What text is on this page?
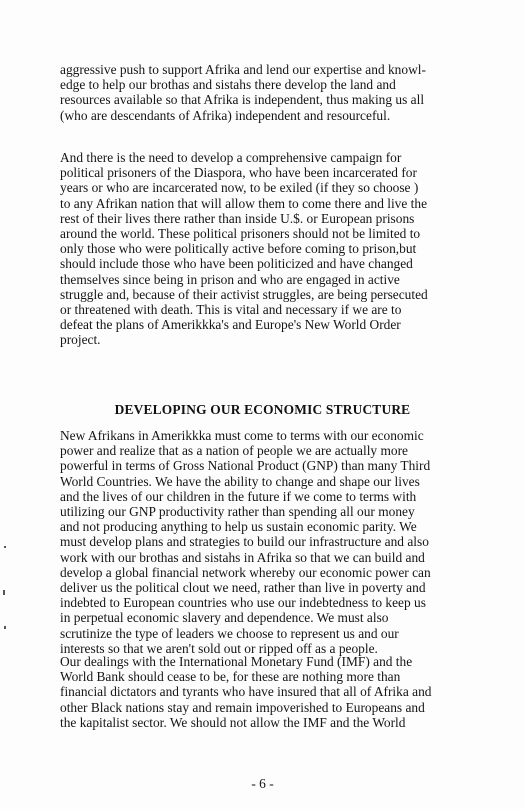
aggressive push to support Afrika and lend our expertise and knowl-
edge to help our brothas and sistahs there develop the land and
resources available so that Afrika is independent, thus making us all
(who are descendants of Afrika) independent and resourceful.
And there is the need to develop a comprehensive campaign for
political prisoners of the Diaspora, who have been incarcerated for
years or who are incarcerated now, to be exiled (if they so choose )
to any Afrikan nation that will allow them to come there and live the
rest of their lives there rather than inside U.$. or European prisons
around the world. These political prisoners should not be limited to
only those who were politically active before coming to prison,but
should include those who have been politicized and have changed
themselves since being in prison and who are engaged in active
struggle and, because of their activist struggles, are being persecuted
or threatened with death. This is vital and necessary if we are to
defeat the plans of Amerikkka's and Europe's New World Order
project.
DEVELOPING OUR ECONOMIC STRUCTURE
New Afrikans in Amerikkka must come to terms with our economic
power and realize that as a nation of people we are actually more
powerful in terms of Gross National Product (GNP) than many Third
World Countries. We have the ability to change and shape our lives
and the lives of our children in the future if we come to terms with
utilizing our GNP productivity rather than spending all our money
and not producing anything to help us sustain economic parity. We
must develop plans and strategies to build our infrastructure and also
work with our brothas and sistahs in Afrika so that we can build and
develop a global financial network whereby our economic power can
deliver us the political clout we need, rather than live in poverty and
indebted to European countries who use our indebtedness to keep us
in perpetual economic slavery and dependence. We must also
scrutinize the type of leaders we choose to represent us and our
interests so that we aren't sold out or ripped off as a people.
Our dealings with the International Monetary Fund (IMF) and the
World Bank should cease to be, for these are nothing more than
financial dictators and tyrants who have insured that all of Afrika and
other Black nations stay and remain impoverished to Europeans and
the kapitalist sector. We should not allow the IMF and the World
- 6 -
